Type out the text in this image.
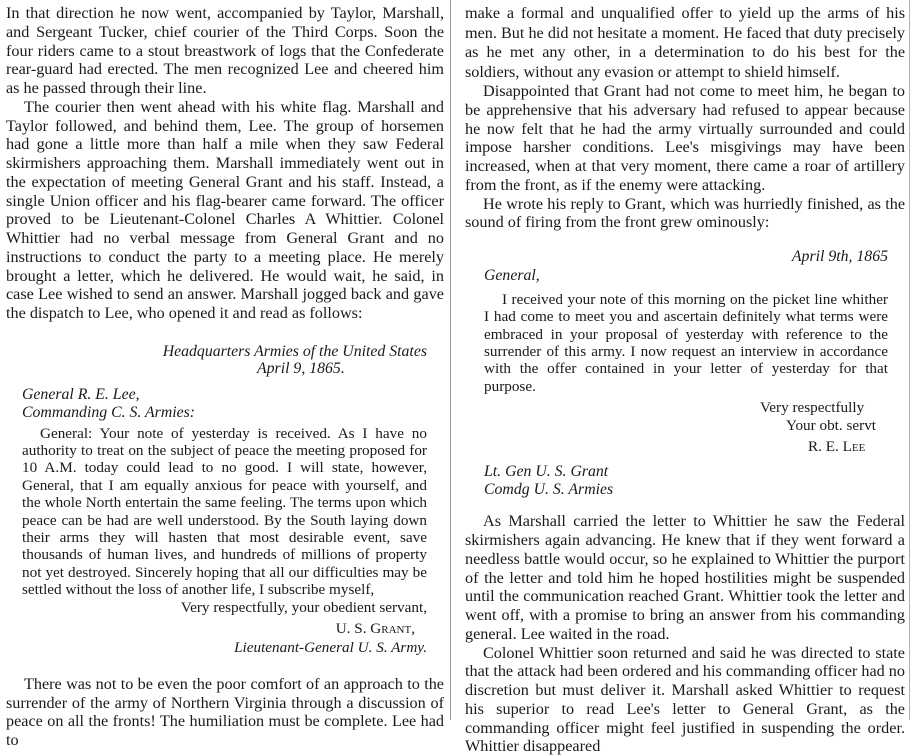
In that direction he now went, accompanied by Taylor, Marshall, and Sergeant Tucker, chief courier of the Third Corps. Soon the four riders came to a stout breastwork of logs that the Confederate rear-guard had erected. The men recognized Lee and cheered him as he passed through their line.

The courier then went ahead with his white flag. Marshall and Taylor followed, and behind them, Lee. The group of horsemen had gone a little more than half a mile when they saw Federal skirmishers approaching them. Marshall immediately went out in the expectation of meeting General Grant and his staff. Instead, a single Union officer and his flag-bearer came forward. The officer proved to be Lieutenant-Colonel Charles A Whittier. Colonel Whittier had no verbal message from General Grant and no instructions to conduct the party to a meeting place. He merely brought a letter, which he delivered. He would wait, he said, in case Lee wished to send an answer. Marshall jogged back and gave the dispatch to Lee, who opened it and read as follows:

Headquarters Armies of the United States

April 9, 1865.

General R. E. Lee,

Commanding C. S. Armies:

General: Your note of yesterday is received. As I have no authority to treat on the subject of peace the meeting proposed for 10 A.M. today could lead to no good. I will state, however, General, that I am equally anxious for peace with yourself, and the whole North entertain the same feeling. The terms upon which peace can be had are well understood. By the South laying down their arms they will hasten that most desirable event, save thousands of human lives, and hundreds of millions of property not yet destroyed. Sincerely hoping that all our difficulties may be settled without the loss of another life, I subscribe myself,

Very respectfully, your obedient servant,

U. S. Grant,

Lieutenant-General U. S. Army.

There was not to be even the poor comfort of an approach to the surrender of the army of Northern Virginia through a discussion of peace on all the fronts! The humiliation must be complete. Lee had to

make a formal and unqualified offer to yield up the arms of his men. But he did not hesitate a moment. He faced that duty precisely as he met any other, in a determination to do his best for the soldiers, without any evasion or attempt to shield himself.

Disappointed that Grant had not come to meet him, he began to be apprehensive that his adversary had refused to appear because he now felt that he had the army virtually surrounded and could impose harsher conditions. Lee's misgivings may have been increased, when at that very moment, there came a roar of artillery from the front, as if the enemy were attacking.

He wrote his reply to Grant, which was hurriedly finished, as the sound of firing from the front grew ominously:

April 9th, 1865

General,

I received your note of this morning on the picket line whither I had come to meet you and ascertain definitely what terms were embraced in your proposal of yesterday with reference to the surrender of this army. I now request an interview in accordance with the offer contained in your letter of yesterday for that purpose.

Very respectfully

Your obt. servt

R. E. Lee

Lt. Gen U. S. Grant

Comdg U. S. Armies

As Marshall carried the letter to Whittier he saw the Federal skirmishers again advancing. He knew that if they went forward a needless battle would occur, so he explained to Whittier the purport of the letter and told him he hoped hostilities might be suspended until the communication reached Grant. Whittier took the letter and went off, with a promise to bring an answer from his commanding general. Lee waited in the road.

Colonel Whittier soon returned and said he was directed to state that the attack had been ordered and his commanding officer had no discretion but must deliver it. Marshall asked Whittier to request his superior to read Lee's letter to General Grant, as the commanding officer might feel justified in suspending the order. Whittier disappeared
